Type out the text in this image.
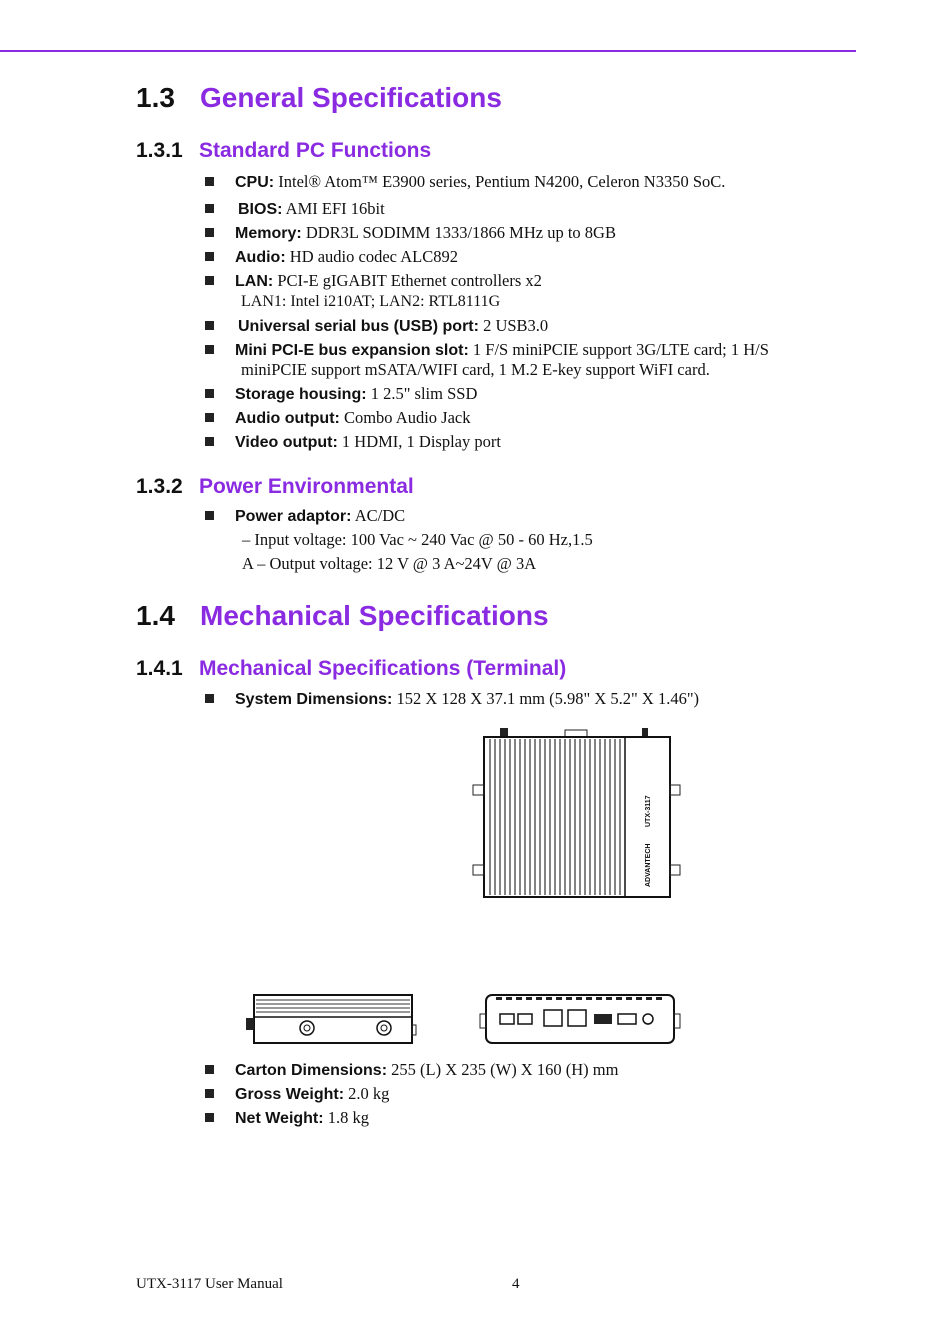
1.3 General Specifications
1.3.1 Standard PC Functions
CPU: Intel® Atom™ E3900 series, Pentium N4200, Celeron N3350 SoC.
BIOS: AMI EFI 16bit
Memory: DDR3L SODIMM 1333/1866 MHz up to 8GB
Audio: HD audio codec ALC892
LAN: PCI-E gIGABIT Ethernet controllers x2
LAN1: Intel i210AT; LAN2: RTL8111G
Universal serial bus (USB) port: 2 USB3.0
Mini PCI-E bus expansion slot: 1 F/S miniPCIE support 3G/LTE card; 1 H/S
miniPCIE support mSATA/WIFI card, 1 M.2 E-key support WiFI card.
Storage housing: 1 2.5" slim SSD
Audio output: Combo Audio Jack
Video output: 1 HDMI, 1 Display port
1.3.2 Power Environmental
Power adaptor: AC/DC
– Input voltage: 100 Vac ~ 240 Vac @ 50 - 60 Hz,1.5
A – Output voltage: 12 V @ 3 A~24V @ 3A
1.4 Mechanical Specifications
1.4.1 Mechanical Specifications (Terminal)
System Dimensions: 152 X 128 X 37.1 mm (5.98" X 5.2" X 1.46")
ADVANTECH
UTX-3117
Carton Dimensions: 255 (L) X 235 (W) X 160 (H) mm
Gross Weight: 2.0 kg
Net Weight: 1.8 kg
UTX-3117 User Manual	4
